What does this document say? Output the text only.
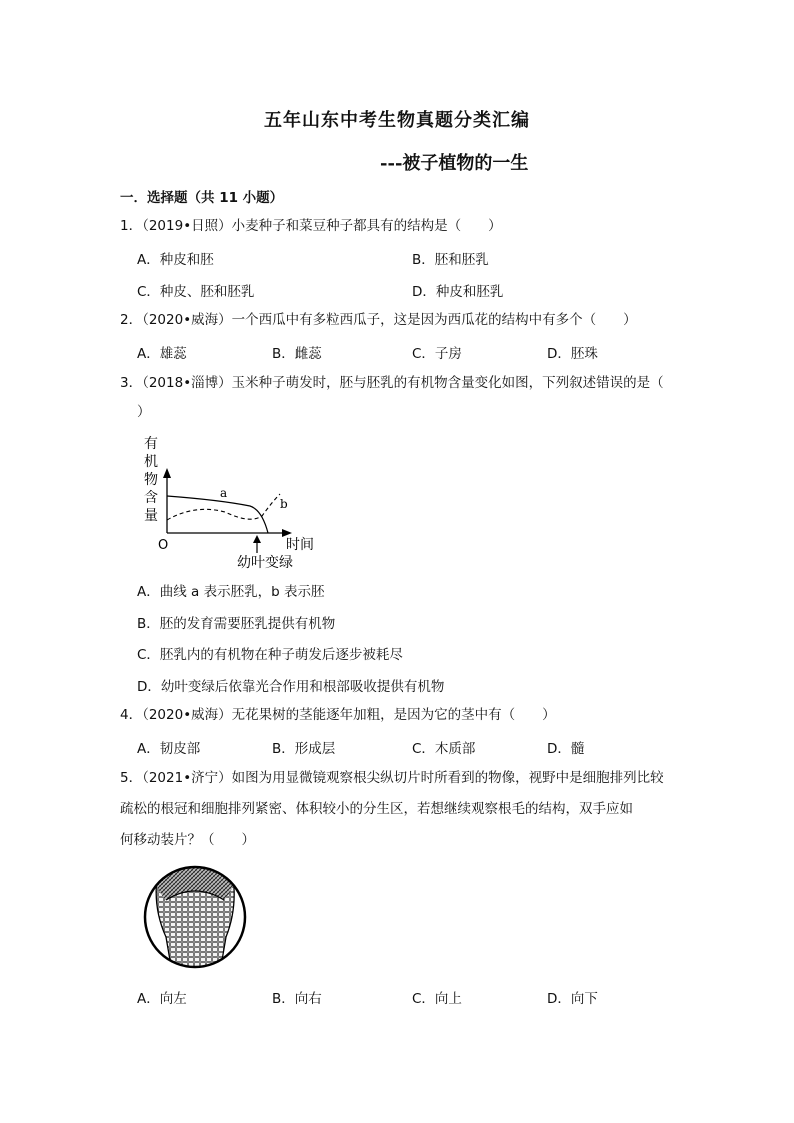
五年山东中考生物真题分类汇编
---被子植物的一生
一．选择题（共 11 小题）
1．（2019•日照）小麦种子和菜豆种子都具有的结构是（　　）
A．种皮和胚	B．胚和胚乳
C．种皮、胚和胚乳	D．种皮和胚乳
2．（2020•威海）一个西瓜中有多粒西瓜子，这是因为西瓜花的结构中有多个（　　）
A．雄蕊	B．雌蕊	C．子房	D．胚珠
3．（2018•淄博）玉米种子萌发时，胚与胚乳的有机物含量变化如图，下列叙述错误的是（
）
有
机
物
含
量
a
b
O	时间
幼叶变绿
A．曲线 a 表示胚乳，b 表示胚
B．胚的发育需要胚乳提供有机物
C．胚乳内的有机物在种子萌发后逐步被耗尽
D．幼叶变绿后依靠光合作用和根部吸收提供有机物
4．（2020•威海）无花果树的茎能逐年加粗，是因为它的茎中有（　　）
A．韧皮部	B．形成层	C．木质部	D．髓
5．（2021•济宁）如图为用显微镜观察根尖纵切片时所看到的物像，视野中是细胞排列比较
疏松的根冠和细胞排列紧密、体积较小的分生区，若想继续观察根毛的结构，双手应如
何移动装片？（　　）
A．向左	B．向右	C．向上	D．向下
